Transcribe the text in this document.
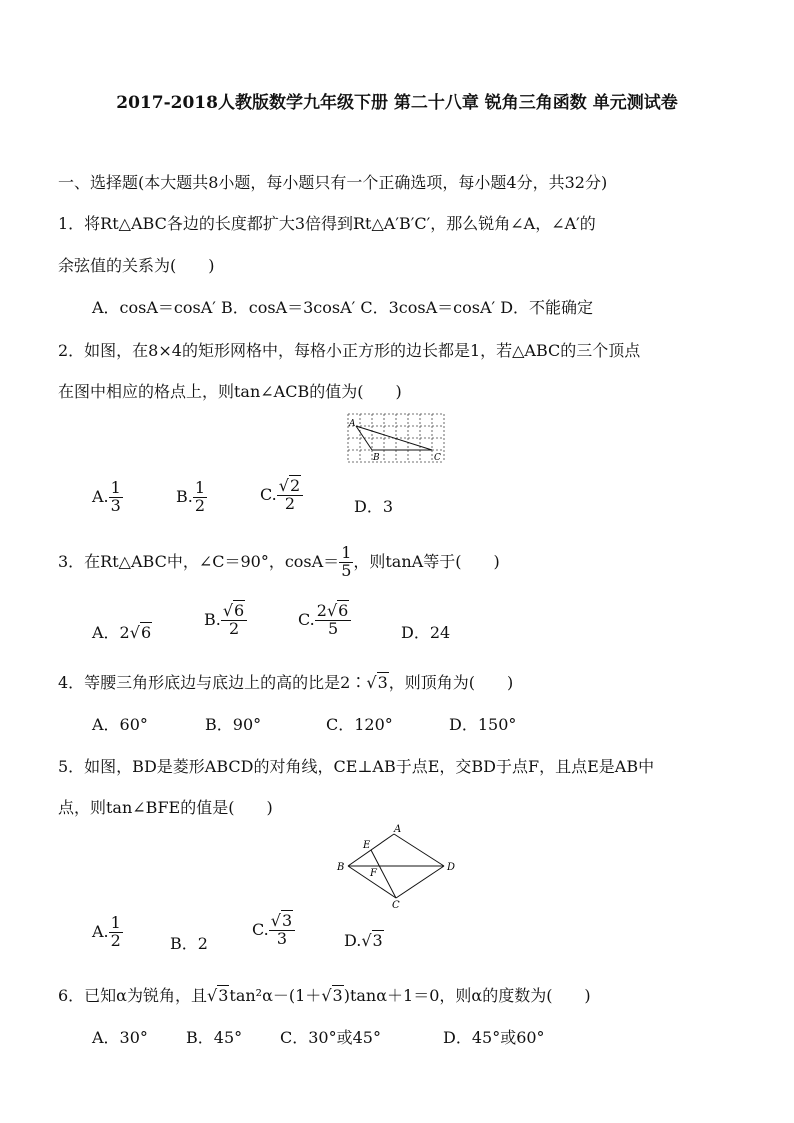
2017-2018人教版数学九年级下册 第二十八章 锐角三角函数 单元测试卷
一、选择题(本大题共8小题，每小题只有一个正确选项，每小题4分，共32分)
1．将Rt△ABC各边的长度都扩大3倍得到Rt△A′B′C′，那么锐角∠A，∠A′的
余弦值的关系为(　　)
A．cosA＝cosA′ B．cosA＝3cosA′ C．3cosA＝cosA′ D．不能确定
2．如图，在8×4的矩形网格中，每格小正方形的边长都是1，若△ABC的三个顶点
在图中相应的格点上，则tan∠ACB的值为(　　)
A
B	C
A. $\frac{1}{3}$	B. $\frac{1}{2}$	C. $\frac{√2}{2}$	D．3
3．在Rt△ABC中，∠C＝90°，$\cos A= \frac{1}{5}$ ，则tanA等于(　　)
A．2√6
B. $\frac{√6}{2}$	C. $\frac{2√6}{5}$	D．24
4．等腰三角形底边与底边上的高的比是2∶√3，则顶角为(　　)
A．60°	B．90°	C．120°	D．150°
5．如图，BD是菱形ABCD的对角线，CE⊥AB于点E，交BD于点F，且点E是AB中
点，则tan∠BFE的值是(　　)
A
B
C
D
E
F
A. $\frac{1}{2}$	B．2
C. $\frac{√3}{3}$	D.√3
6．已知α为锐角，且√3tan²α－(1＋√3)tanα＋1＝0，则α的度数为(　　)
A．30° B．45° C．30°或45°	D．45°或60°
